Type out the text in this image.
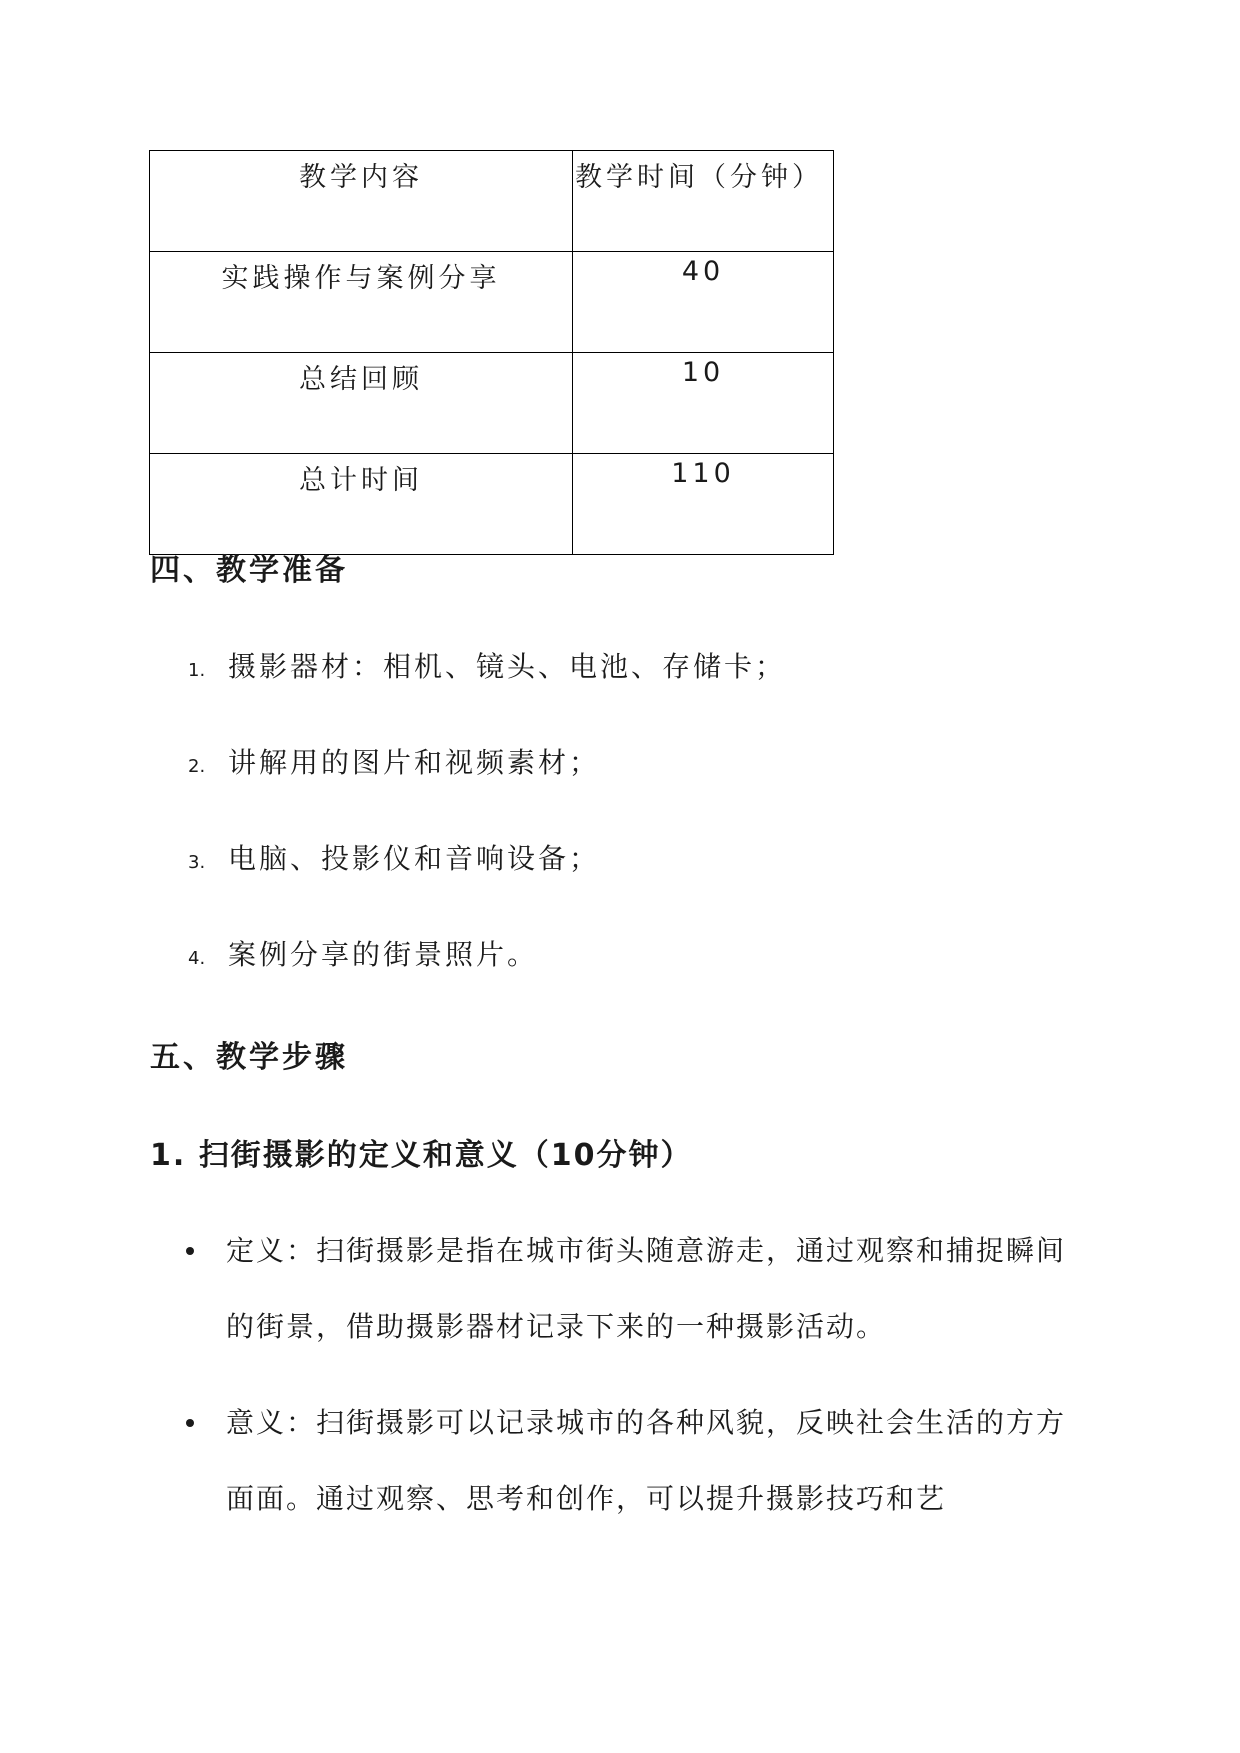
教学内容	教学时间（分钟）
实践操作与案例分享	40
总结回顾	10
总计时间	110
四、教学准备
1. 摄影器材：相机、镜头、电池、存储卡；
2. 讲解用的图片和视频素材；
3. 电脑、投影仪和音响设备；
4. 案例分享的街景照片。
五、教学步骤
1. 扫街摄影的定义和意义（10分钟）
定义：扫街摄影是指在城市街头随意游走，通过观察和捕捉瞬间的街景，借助摄影器材记录下来的一种摄影活动。
意义：扫街摄影可以记录城市的各种风貌，反映社会生活的方方面面。通过观察、思考和创作，可以提升摄影技巧和艺
